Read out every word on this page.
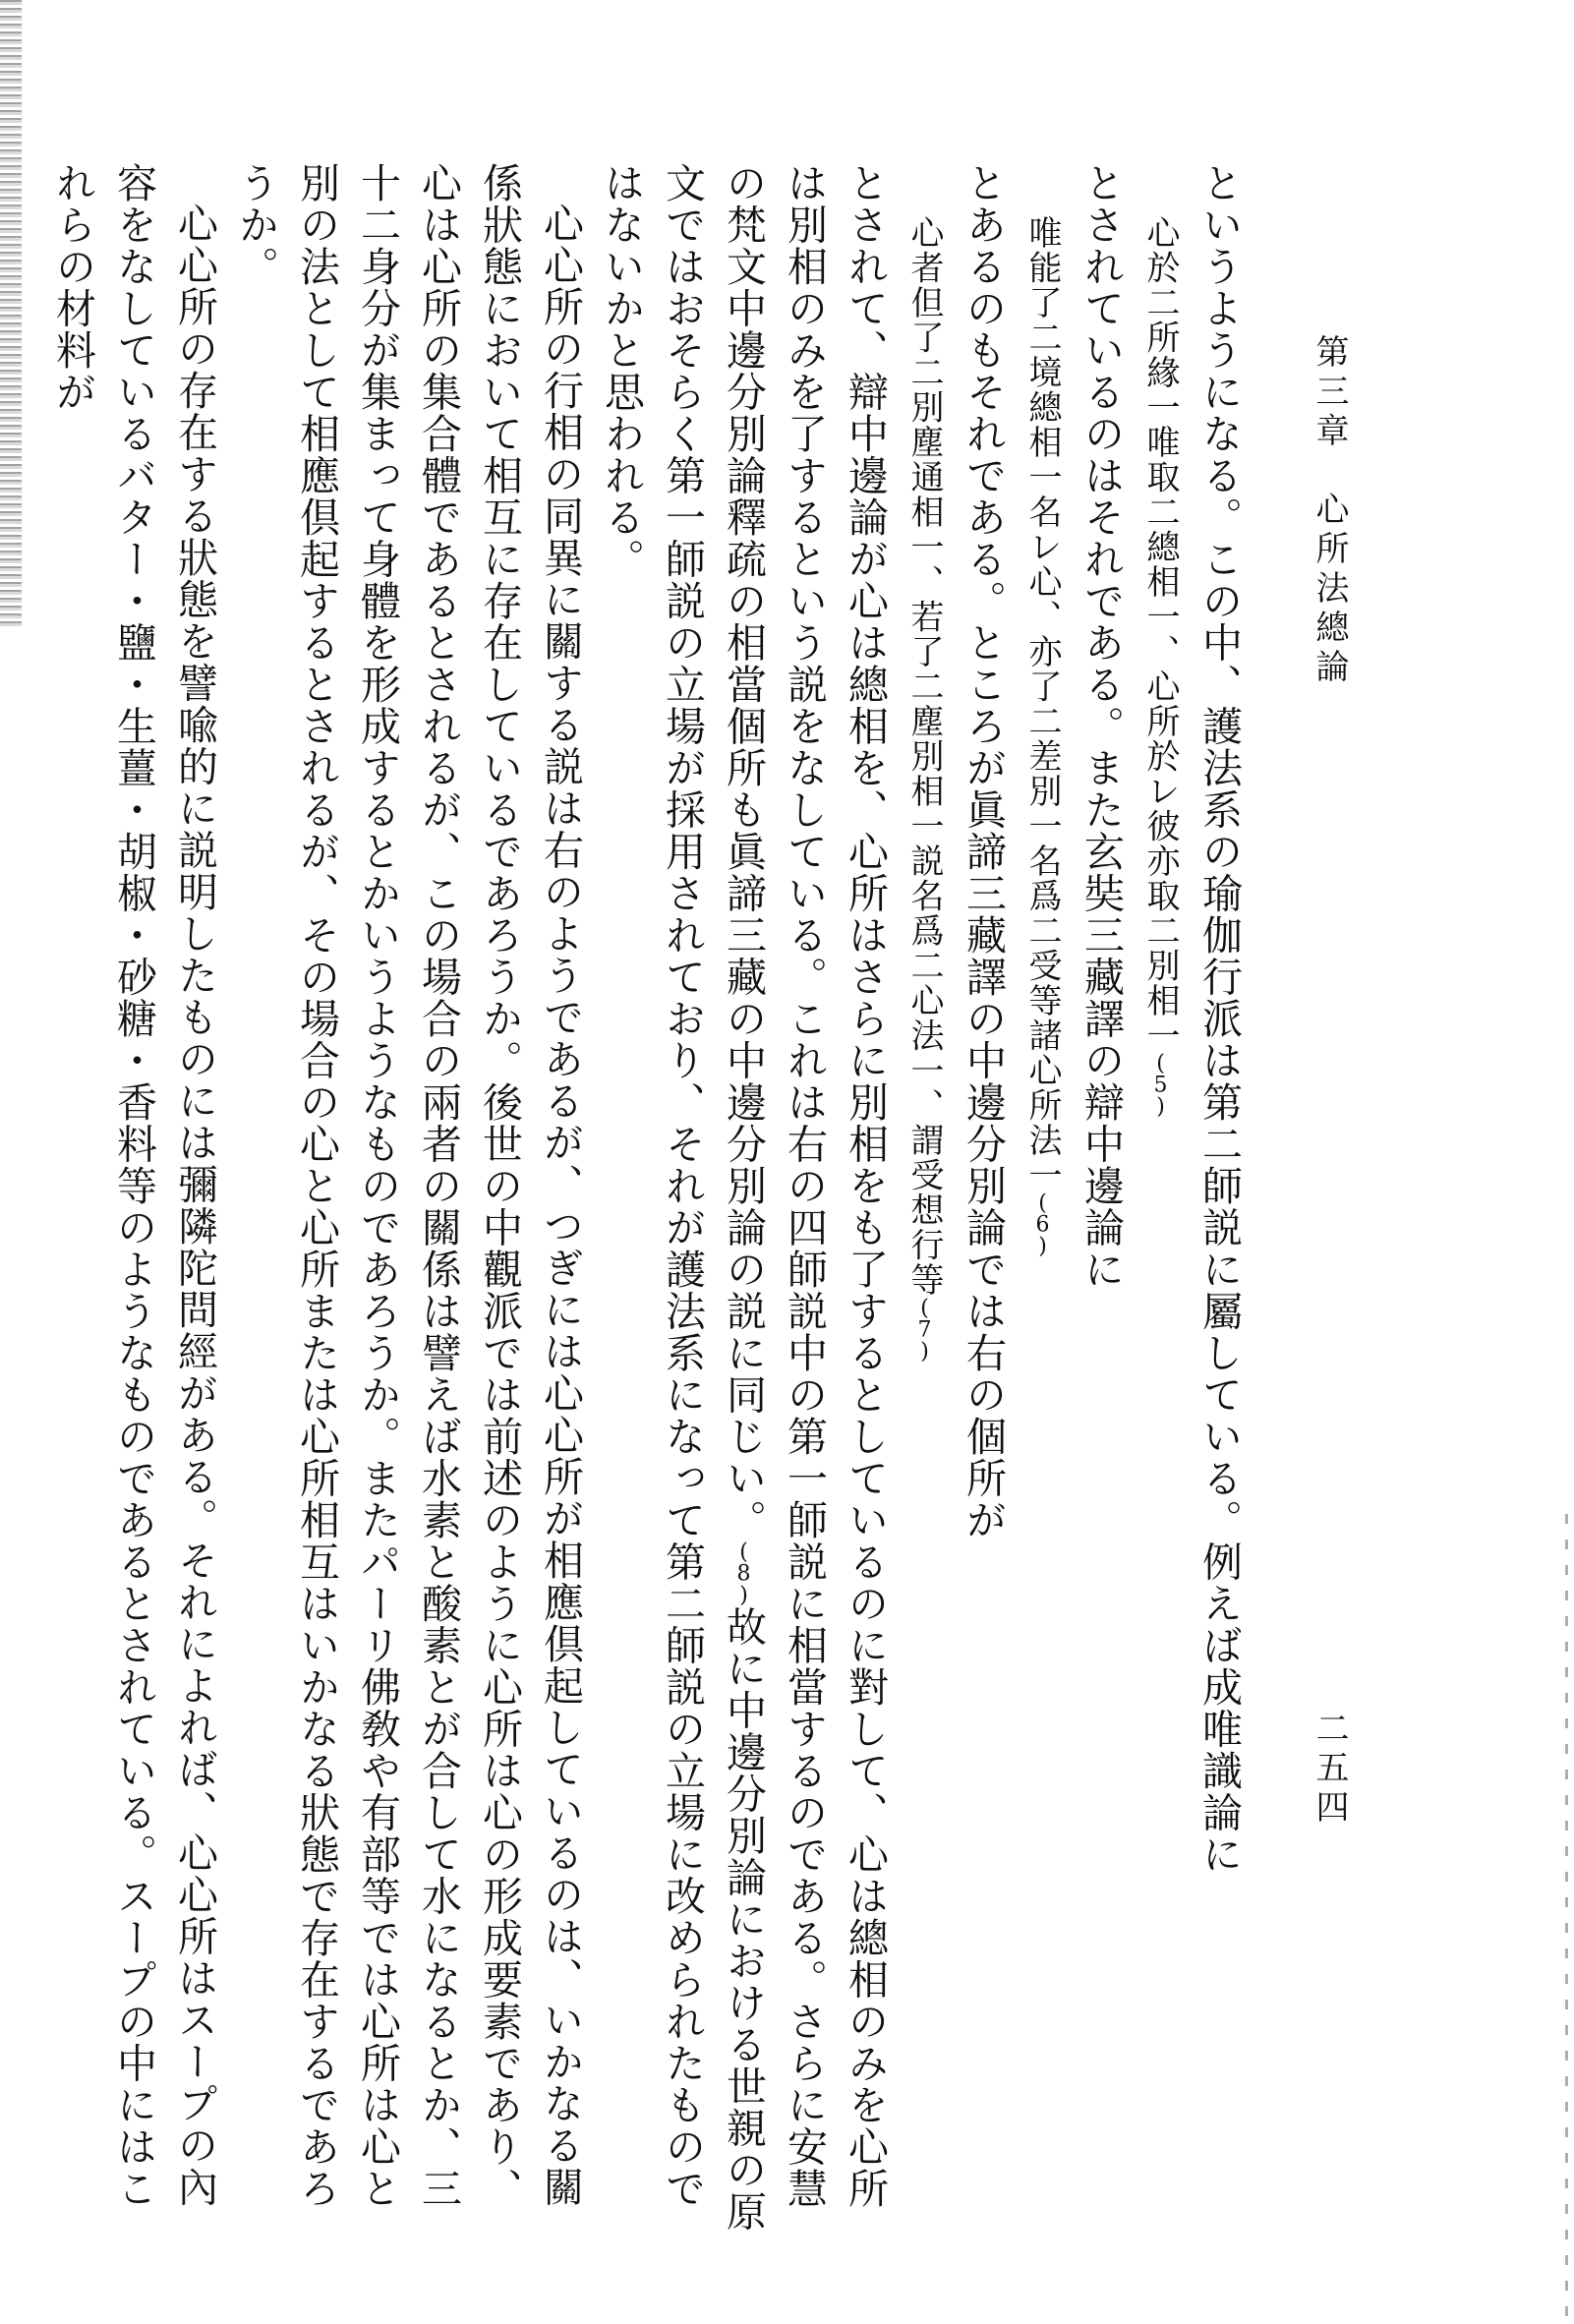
第三章　心所法總論
二五四

というようになる。この中、護法系の瑜伽行派は第二師説に屬している。例えば成唯識論に

心於二所緣一唯取二總相一、心所於レ彼亦取二別相一(5)

とされているのはそれである。また玄奘三藏譯の辯中邊論に

唯能了二境總相一名レ心、亦了二差別一名爲二受等諸心所法一(6)

とあるのもそれである。ところが眞諦三藏譯の中邊分別論では右の個所が

心者但了二別塵通相一、若了二塵別相一説名爲二心法一、謂受想行等(7)

とされて、辯中邊論が心は總相を、心所はさらに別相をも了するとしているのに對して、心は總相のみを心所は別相のみを了するという説をなしている。これは右の四師説中の第一師説に相當するのである。さらに安慧の梵文中邊分別論釋疏の相當個所も眞諦三藏の中邊分別論の説に同じい。(8)故に中邊分別論における世親の原文ではおそらく第一師説の立場が採用されており、それが護法系になって第二師説の立場に改められたものではないかと思われる。

心心所の行相の同異に關する説は右のようであるが、つぎには心心所が相應倶起しているのは、いかなる關係狀態において相互に存在しているであろうか。後世の中觀派では前述のように心所は心の形成要素であり、心は心所の集合體であるとされるが、この場合の兩者の關係は譬えば水素と酸素とが合して水になるとか、三十二身分が集まって身體を形成するとかいうようなものであろうか。またパーリ佛敎や有部等では心所は心と別の法として相應倶起するとされるが、その場合の心と心所または心所相互はいかなる狀態で存在するであろうか。

心心所の存在する狀態を譬喩的に説明したものには彌隣陀問經がある。それによれば、心心所はスープの內容をなしているバター・鹽・生薑・胡椒・砂糖・香料等のようなものであるとされている。スープの中にはこれらの材料が
